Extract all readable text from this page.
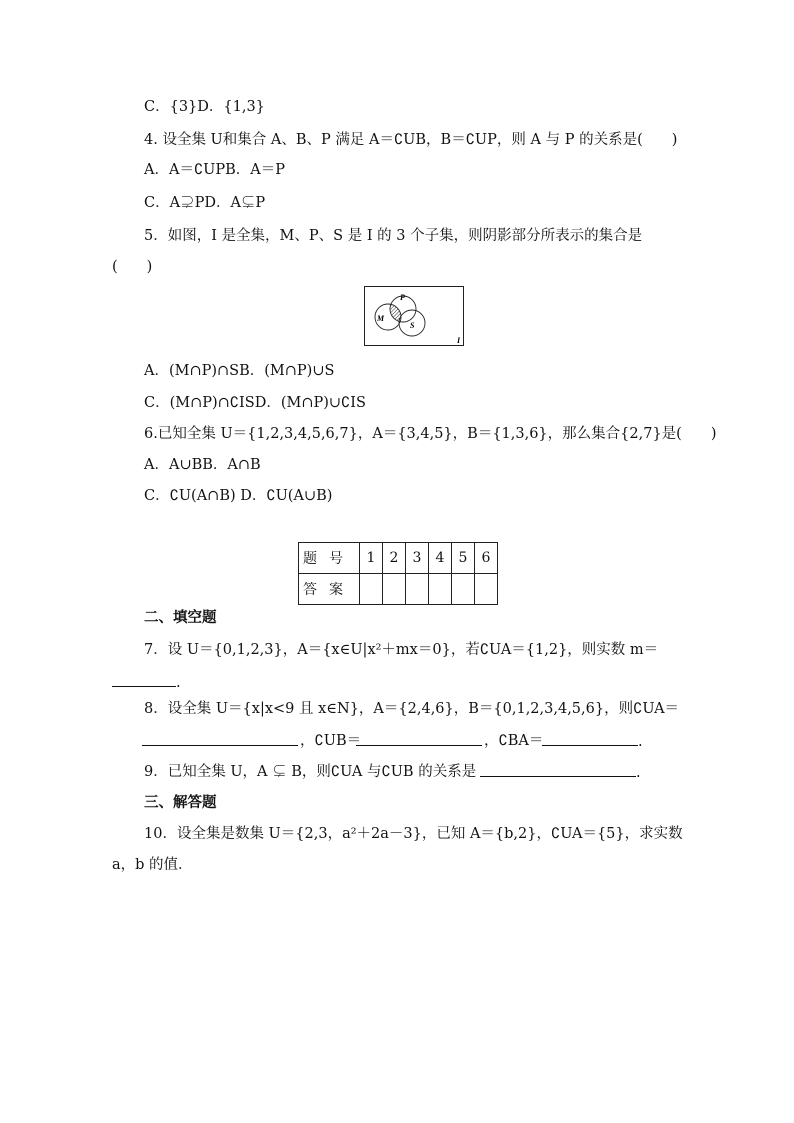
C．{3}D．{1,3}
4. 设全集 U和集合 A、B、P 满足 A＝∁UB，B＝∁UP，则 A 与 P 的关系是(　　)
A．A＝∁UPB．A＝P
C．A⊋PD．A⊊P
5．如图，I 是全集，M、P、S 是 I 的 3 个子集，则阴影部分所表示的集合是
(　　)
P
M
S
I
A．(M∩P)∩SB．(M∩P)∪S
C．(M∩P)∩∁ISD．(M∩P)∪∁IS
6.已知全集 U＝{1,2,3,4,5,6,7}，A＝{3,4,5}，B＝{1,3,6}，那么集合{2,7}是(　　)
A．A∪BB．A∩B
C．∁U(A∩B) D．∁U(A∪B)
题号	1	2	3	4	5	6
答案						
二、填空题
7．设 U＝{0,1,2,3}，A＝{x∈U|x²＋mx＝0}，若∁UA＝{1,2}，则实数 m＝
.
8．设全集 U＝{x|x<9 且 x∈N}，A＝{2,4,6}，B＝{0,1,2,3,4,5,6}，则∁UA＝
，∁UB＝	，∁BA＝	.
9．已知全集 U，A ⊊ B，则∁UA 与∁UB 的关系是	.
三、解答题
10．设全集是数集 U＝{2,3，a²＋2a－3}，已知 A＝{b,2}，∁UA＝{5}，求实数
a，b 的值．
